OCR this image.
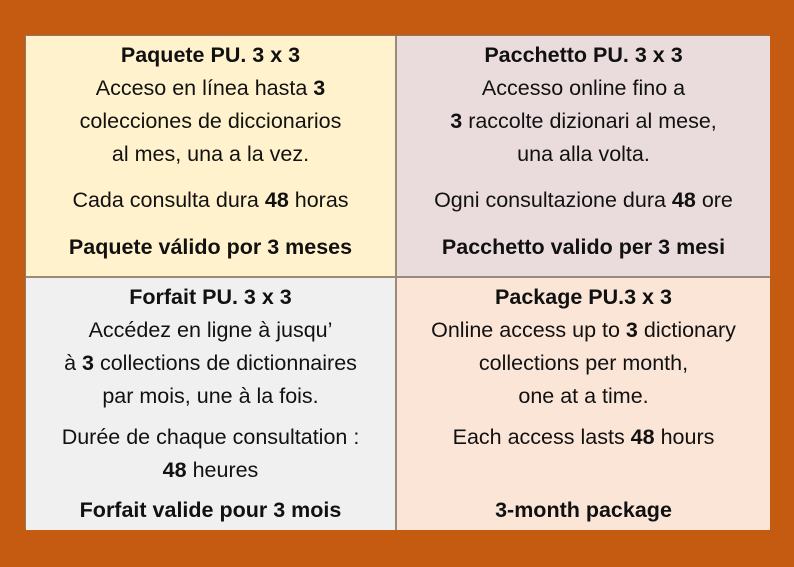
Paquete PU. 3 x 3
Acceso en línea hasta 3
colecciones de diccionarios
al mes, una a la vez.
Cada consulta dura 48 horas
Paquete válido por 3 meses
Pacchetto PU. 3 x 3
Accesso online fino a
3 raccolte dizionari al mese,
una alla volta.
Ogni consultazione dura 48 ore
Pacchetto valido per 3 mesi
Forfait PU. 3 x 3
Accédez en ligne à jusqu’
à 3 collections de dictionnaires
par mois, une à la fois.
Durée de chaque consultation :
48 heures
Forfait valide pour 3 mois
Package PU.3 x 3
Online access up to 3 dictionary
collections per month,
one at a time.
Each access lasts 48 hours
3-month package
